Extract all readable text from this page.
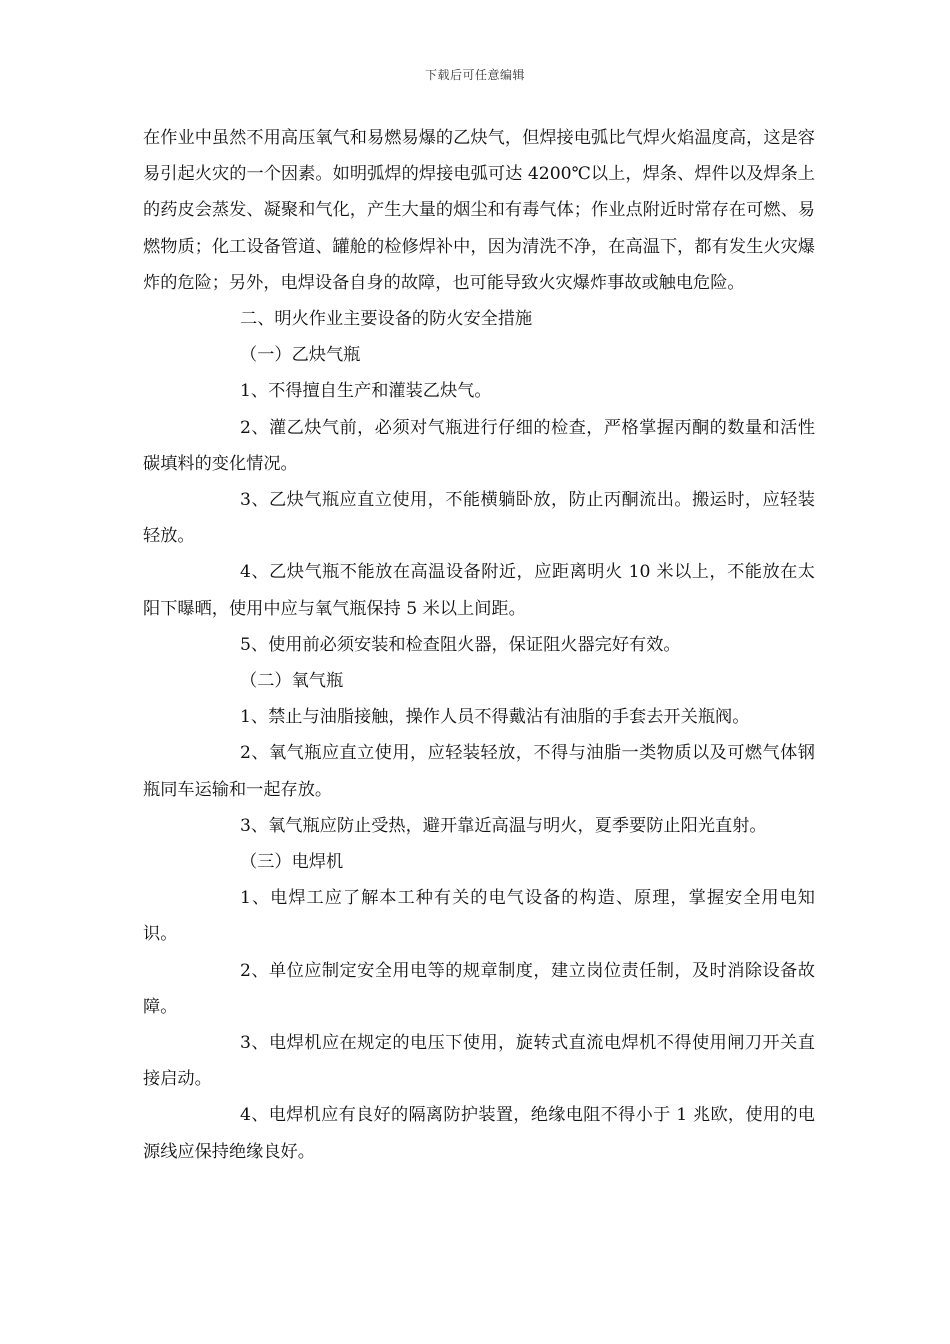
下载后可任意编辑

在作业中虽然不用高压氧气和易燃易爆的乙炔气，但焊接电弧比气焊火焰温度高，这是容易引起火灾的一个因素。如明弧焊的焊接电弧可达 4200℃以上，焊条、焊件以及焊条上的药皮会蒸发、凝聚和气化，产生大量的烟尘和有毒气体；作业点附近时常存在可燃、易燃物质；化工设备管道、罐舱的检修焊补中，因为清洗不净，在高温下，都有发生火灾爆炸的危险；另外，电焊设备自身的故障，也可能导致火灾爆炸事故或触电危险。

二、明火作业主要设备的防火安全措施

（一）乙炔气瓶

1、不得擅自生产和灌装乙炔气。

2、灌乙炔气前，必须对气瓶进行仔细的检查，严格掌握丙酮的数量和活性碳填料的变化情况。

3、乙炔气瓶应直立使用，不能横躺卧放，防止丙酮流出。搬运时，应轻装轻放。

4、乙炔气瓶不能放在高温设备附近，应距离明火 10 米以上，不能放在太阳下曝晒，使用中应与氧气瓶保持 5 米以上间距。

5、使用前必须安装和检查阻火器，保证阻火器完好有效。

（二）氧气瓶

1、禁止与油脂接触，操作人员不得戴沾有油脂的手套去开关瓶阀。

2、氧气瓶应直立使用，应轻装轻放，不得与油脂一类物质以及可燃气体钢瓶同车运输和一起存放。

3、氧气瓶应防止受热，避开靠近高温与明火，夏季要防止阳光直射。

（三）电焊机

1、电焊工应了解本工种有关的电气设备的构造、原理，掌握安全用电知识。

2、单位应制定安全用电等的规章制度，建立岗位责任制，及时消除设备故障。

3、电焊机应在规定的电压下使用，旋转式直流电焊机不得使用闸刀开关直接启动。

4、电焊机应有良好的隔离防护装置，绝缘电阻不得小于 1 兆欧，使用的电源线应保持绝缘良好。
